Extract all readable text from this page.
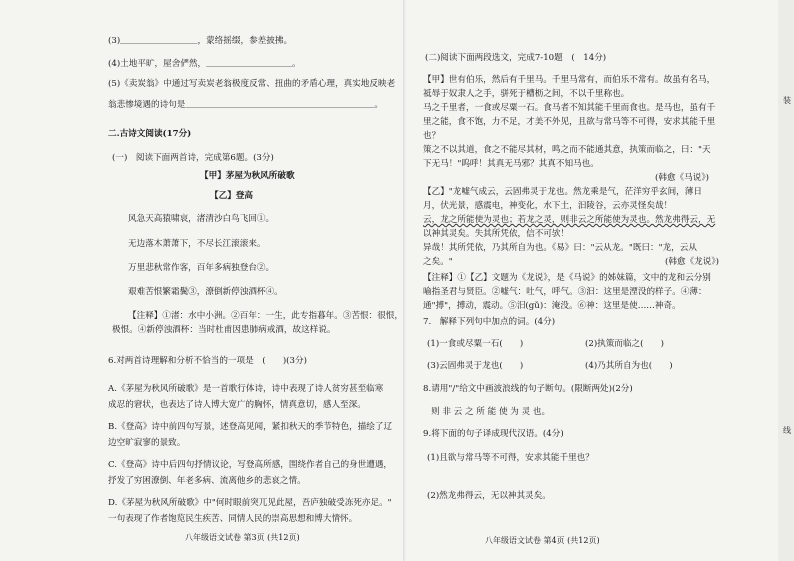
(3)＿＿＿＿＿＿＿＿＿，蒙络摇缀，参差披拂。
(4)土地平旷，屋舍俨然，＿＿＿＿＿＿＿＿＿＿。
(5)《卖炭翁》中通过写卖炭老翁极度反常、扭曲的矛盾心理，真实地反映老
翁悲惨境遇的诗句是＿＿＿＿＿＿＿＿＿＿＿＿＿＿＿＿＿＿＿＿＿＿。
二.古诗文阅读(17分)
(一)　阅读下面两首诗，完成第6题。(3分)
【甲】茅屋为秋风所破歌
【乙】登高
风急天高猿啸哀，渚清沙白鸟飞回①。
无边落木萧萧下，不尽长江滚滚来。
万里悲秋常作客，百年多病独登台②。
艰难苦恨繁霜鬓③，潦倒新停浊酒杯④。
【注释】①渚：水中小洲。②百年：一生，此专指暮年。③苦恨：很恨，
极恨。④新停浊酒杯：当时杜甫因患肺病戒酒，故这样说。
6.对两首诗理解和分析不恰当的一项是　(　　)(3分)
A.《茅屋为秋风所破歌》是一首歌行体诗，诗中表现了诗人贫穷甚至临寒
成忍的窘状，也表达了诗人博大宽广的胸怀，情真意切，感人至深。
B.《登高》诗中前四句写景，述登高见闻，紧扣秋天的季节特色，描绘了辽
边空旷寂寥的景致。
C.《登高》诗中后四句抒情议论，写登高所感，围绕作者自己的身世遭遇，
抒发了穷困潦倒、年老多病、流离他乡的悲哀之情。
D.《茅屋为秋风所破歌》中"何时眼前突兀见此屋，吾庐独破受冻死亦足。"
一句表现了作者饱览民生疾苦、同情人民的崇高思想和博大情怀。
八年级语文试卷 第3页 (共12页)
(二)阅读下面两段选文，完成7-10题　(　14分)
【甲】世有伯乐，然后有千里马。千里马常有，而伯乐不常有。故虽有名马，
祗辱于奴隶人之手，骈死于槽枥之间，不以千里称也。
马之千里者，一食或尽粟一石。食马者不知其能千里而食也。是马也，虽有千
里之能，食不饱，力不足，才美不外见，且欲与常马等不可得，安求其能千里
也？
策之不以其道，食之不能尽其材，鸣之而不能通其意，执策而临之，曰："天
下无马！"呜呼！其真无马邪？其真不知马也。
(韩愈《马说》)
【乙】"龙嘘气成云，云固弗灵于龙也。然龙乘是气，茫洋穷乎玄间，薄日
月，伏光景，感震电，神变化，水下土，汩陵谷，云亦灵怪矣哉！
云，龙之所能使为灵也；若龙之灵，则非云之所能使为灵也。然龙弗得云，无
以神其灵矣。失其所凭依，信不可欤！
异哉！其所凭依，乃其所自为也。《易》曰："云从龙。"既曰："龙，云从
之矣。"	(韩愈《龙说》)
【注释】①【乙】文题为《龙说》，是《马说》的姊妹篇，文中的龙和云分别
喻指圣君与贤臣。②嘘气：吐气，呼气。③汩：这里是湮没的样子。④薄：
通"搏"，搏动，震动。⑤汨(gǔ)：淹没。⑥神：这里是使……神奇。
7.　解释下列句中加点的词。(4分)
(1)一食或尽粟一石(　　)	(2)执策而临之(　　)
(3)云固弗灵于龙也(　　)	(4)乃其所自为也(　　)
8.请用"/"给文中画波浪线的句子断句。(限断两处)(2分)
则 非 云 之 所 能 使 为 灵 也。
9.将下面的句子译成现代汉语。(4分)
(1)且欲与常马等不可得，安求其能千里也？
(2)然龙弗得云，无以神其灵矣。
八年级语文试卷 第4页 (共12页)
装
线
